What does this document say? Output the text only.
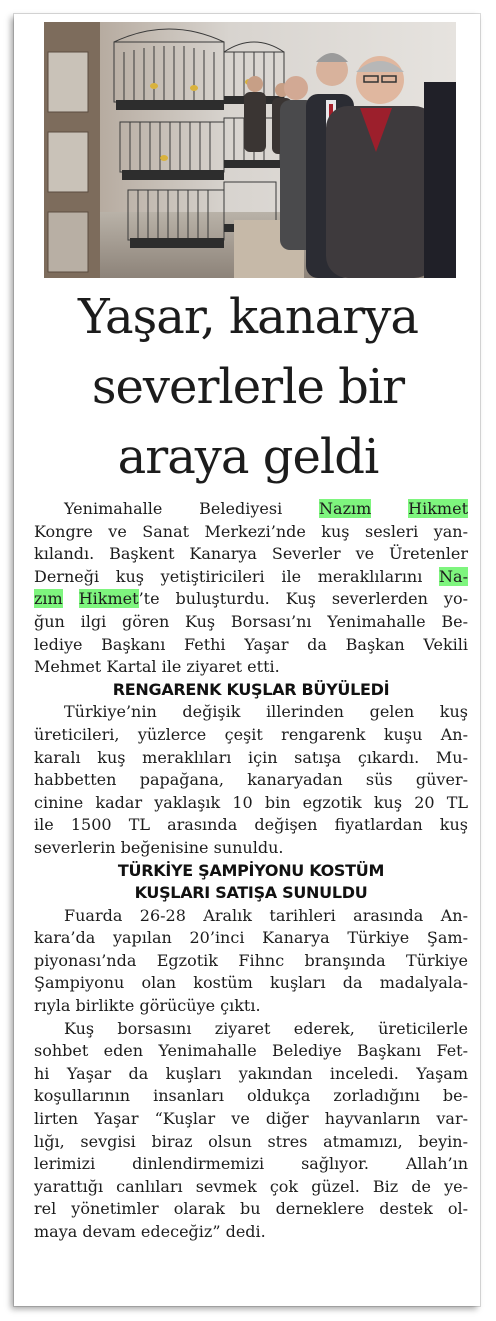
Yaşar, kanarya
severlerle bir
araya geldi
Yenimahalle Belediyesi Nazım Hikmet
Kongre ve Sanat Merkezi’nde kuş sesleri yan-
kılandı. Başkent Kanarya Severler ve Üretenler
Derneği kuş yetiştiricileri ile meraklılarını Na-
zım Hikmet’te buluşturdu. Kuş severlerden yo-
ğun ilgi gören Kuş Borsası’nı Yenimahalle Be-
lediye Başkanı Fethi Yaşar da Başkan Vekili
Mehmet Kartal ile ziyaret etti.
RENGARENK KUŞLAR BÜYÜLEDİ
Türkiye’nin değişik illerinden gelen kuş
üreticileri, yüzlerce çeşit rengarenk kuşu An-
karalı kuş meraklıları için satışa çıkardı. Mu-
habbetten papağana, kanaryadan süs güver-
cinine kadar yaklaşık 10 bin egzotik kuş 20 TL
ile 1500 TL arasında değişen fiyatlardan kuş
severlerin beğenisine sunuldu.
TÜRKİYE ŞAMPİYONU KOSTÜM
KUŞLARI SATIŞA SUNULDU
Fuarda 26-28 Aralık tarihleri arasında An-
kara’da yapılan 20’inci Kanarya Türkiye Şam-
piyonası’nda Egzotik Fihnc branşında Türkiye
Şampiyonu olan kostüm kuşları da madalyala-
rıyla birlikte görücüye çıktı.
Kuş borsasını ziyaret ederek, üreticilerle
sohbet eden Yenimahalle Belediye Başkanı Fet-
hi Yaşar da kuşları yakından inceledi. Yaşam
koşullarının insanları oldukça zorladığını be-
lirten Yaşar “Kuşlar ve diğer hayvanların var-
lığı, sevgisi biraz olsun stres atmamızı, beyin-
lerimizi dinlendirmemizi sağlıyor. Allah’ın
yarattığı canlıları sevmek çok güzel. Biz de ye-
rel yönetimler olarak bu derneklere destek ol-
maya devam edeceğiz” dedi.
